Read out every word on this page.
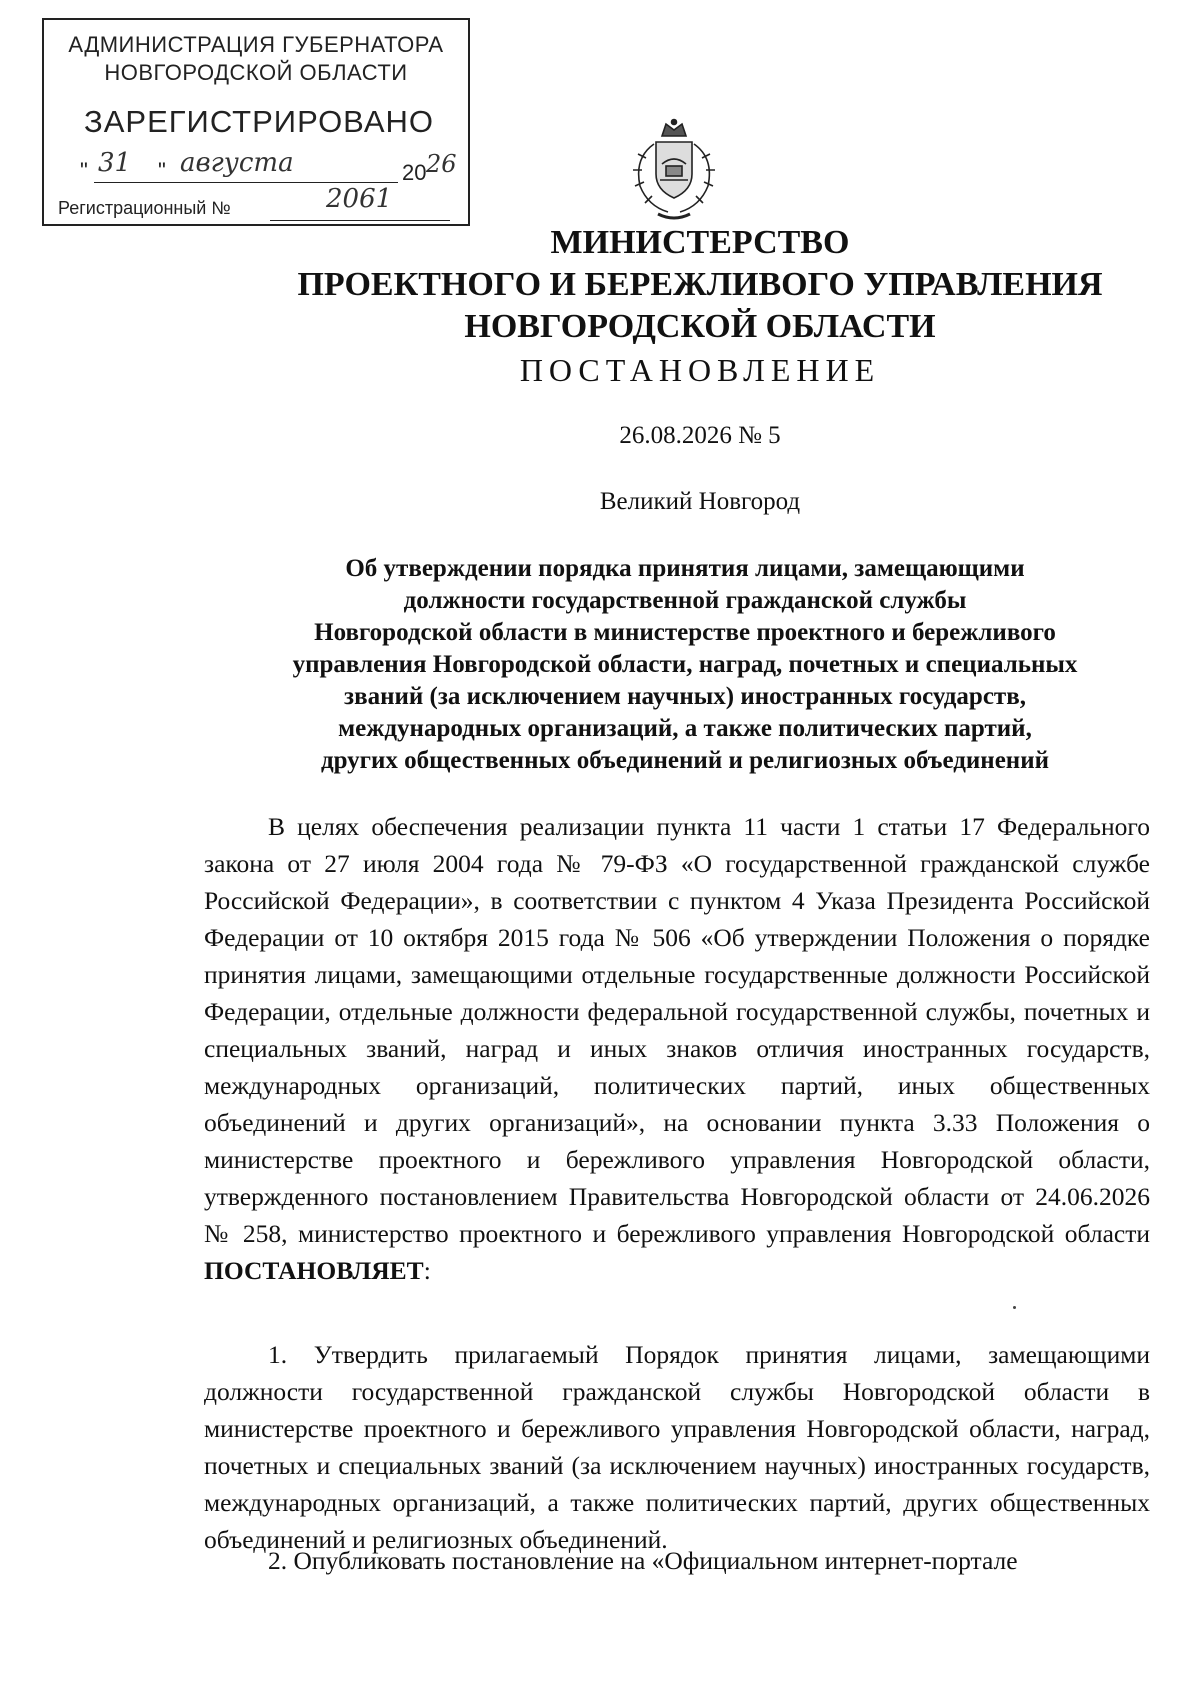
АДМИНИСТРАЦИЯ ГУБЕРНАТОРА
НОВГОРОДСКОЙ ОБЛАСТИ
ЗАРЕГИСТРИРОВАНО
" 31 " августа	20 26
Регистрационный №	2061
МИНИСТЕРСТВО
ПРОЕКТНОГО И БЕРЕЖЛИВОГО УПРАВЛЕНИЯ
НОВГОРОДСКОЙ ОБЛАСТИ
ПОСТАНОВЛЕНИЕ
26.08.2026 № 5
Великий Новгород
Об утверждении порядка принятия лицами, замещающими
должности государственной гражданской службы
Новгородской области в министерстве проектного и бережливого
управления Новгородской области, наград, почетных и специальных
званий (за исключением научных) иностранных государств,
международных организаций, а также политических партий,
других общественных объединений и религиозных объединений

В целях обеспечения реализации пункта 11 части 1 статьи 17 Федерального закона от 27 июля 2004 года № 79-ФЗ «О государственной гражданской службе Российской Федерации», в соответствии с пунктом 4 Указа Президента Российской Федерации от 10 октября 2015 года № 506 «Об утверждении Положения о порядке принятия лицами, замещающими отдельные государственные должности Российской Федерации, отдельные должности федеральной государственной службы, почетных и специальных званий, наград и иных знаков отличия иностранных государств, международных организаций, политических партий, иных общественных объединений и других организаций», на основании пункта 3.33 Положения о министерстве проектного и бережливого управления Новгородской области, утвержденного постановлением Правительства Новгородской области от 24.06.2026 № 258, министерство проектного и бережливого управления Новгородской области ПОСТАНОВЛЯЕТ:

1. Утвердить прилагаемый Порядок принятия лицами, замещающими должности государственной гражданской службы Новгородской области в министерстве проектного и бережливого управления Новгородской области, наград, почетных и специальных званий (за исключением научных) иностранных государств, международных организаций, а также политических партий, других общественных объединений и религиозных объединений.

2. Опубликовать постановление на «Официальном интернет-портале
